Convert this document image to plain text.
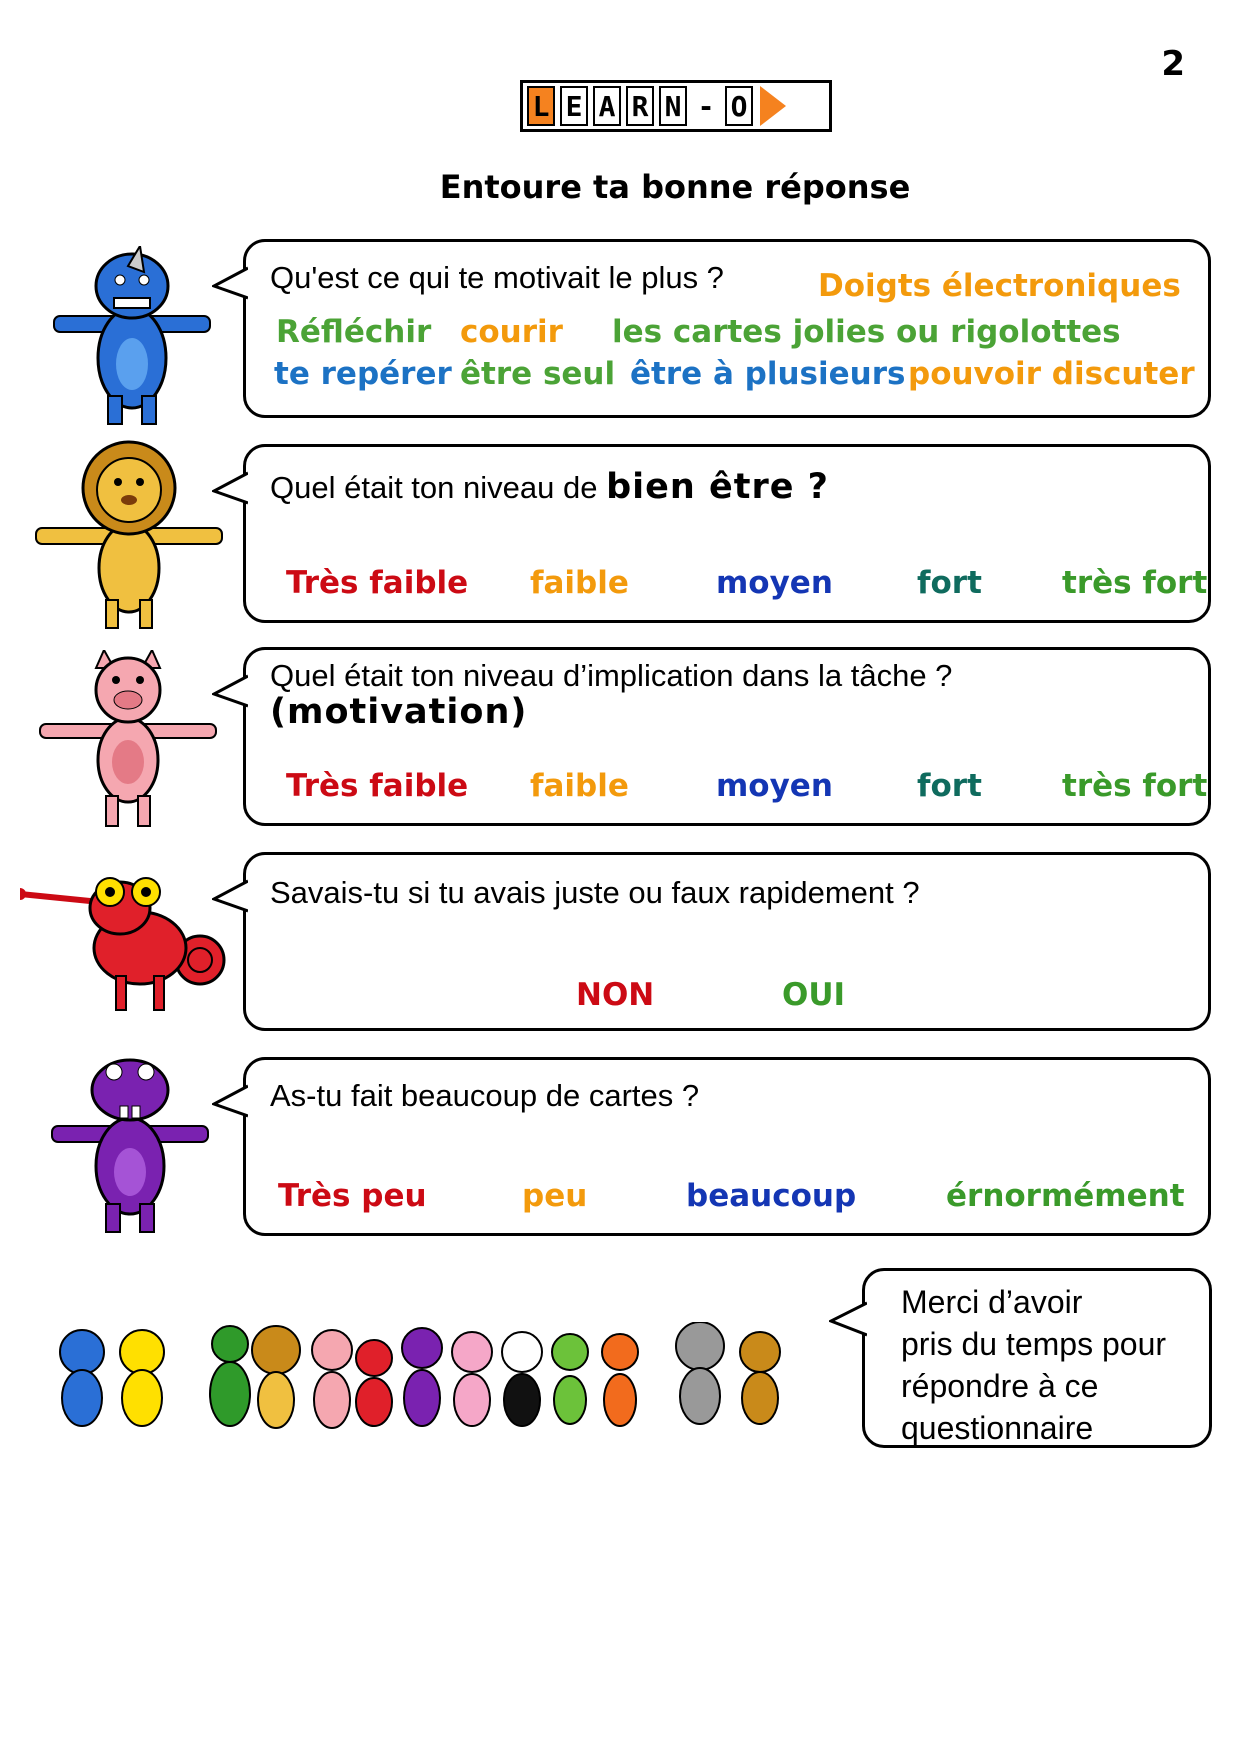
2
L E A R N - O
Entoure ta bonne réponse
Qu'est ce qui te motivait le plus ?	Doigts électroniques
Réfléchir courir les cartes jolies ou rigolottes
te repérer être seul être à plusieurs pouvoir discuter
Quel était ton niveau de bien être ?
Très faible faible	moyen	fort	très fort
Quel était ton niveau d’implication dans la tâche ?
(motivation)
Très faible faible	moyen	fort	très fort
Savais-tu si tu avais juste ou faux rapidement ?
NON	OUI
As-tu fait beaucoup de cartes ?
Très peu	peu	beaucoup	érnormément
Merci d’avoir
pris du temps pour
répondre à ce
questionnaire
